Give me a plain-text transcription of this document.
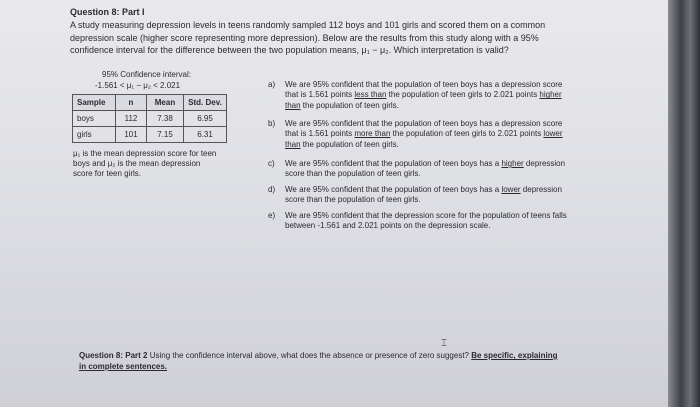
Question 8: Part I
A study measuring depression levels in teens randomly sampled 112 boys and 101 girls and scored them on a common
depression scale (higher score representing more depression). Below are the results from this study along with a 95%
confidence interval for the difference between the two population means, μ₁ − μ₂. Which interpretation is valid?
95% Confidence interval:
-1.561 < μ₁ − μ₂ < 2.021
Sample	n	Mean	Std. Dev.
boys	112	7.38	6.95
girls	101	7.15	6.31
μ₁ is the mean depression score for teen
boys and μ₂ is the mean depression
score for teen girls.
a)	We are 95% confident that the population of teen boys has a depression score
that is 1.561 points less than the population of teen girls to 2.021 points higher
than the population of teen girls.
b)	We are 95% confident that the population of teen boys has a depression score
that is 1.561 points more than the population of teen girls to 2.021 points lower
than the population of teen girls.
c)	We are 95% confident that the population of teen boys has a higher depression
score than the population of teen girls.
d)	We are 95% confident that the population of teen boys has a lower depression
score than the population of teen girls.
e)	We are 95% confident that the depression score for the population of teens falls
between -1.561 and 2.021 points on the depression scale.
⌶
Question 8: Part 2 Using the confidence interval above, what does the absence or presence of zero suggest? Be specific, explaining
in complete sentences.
